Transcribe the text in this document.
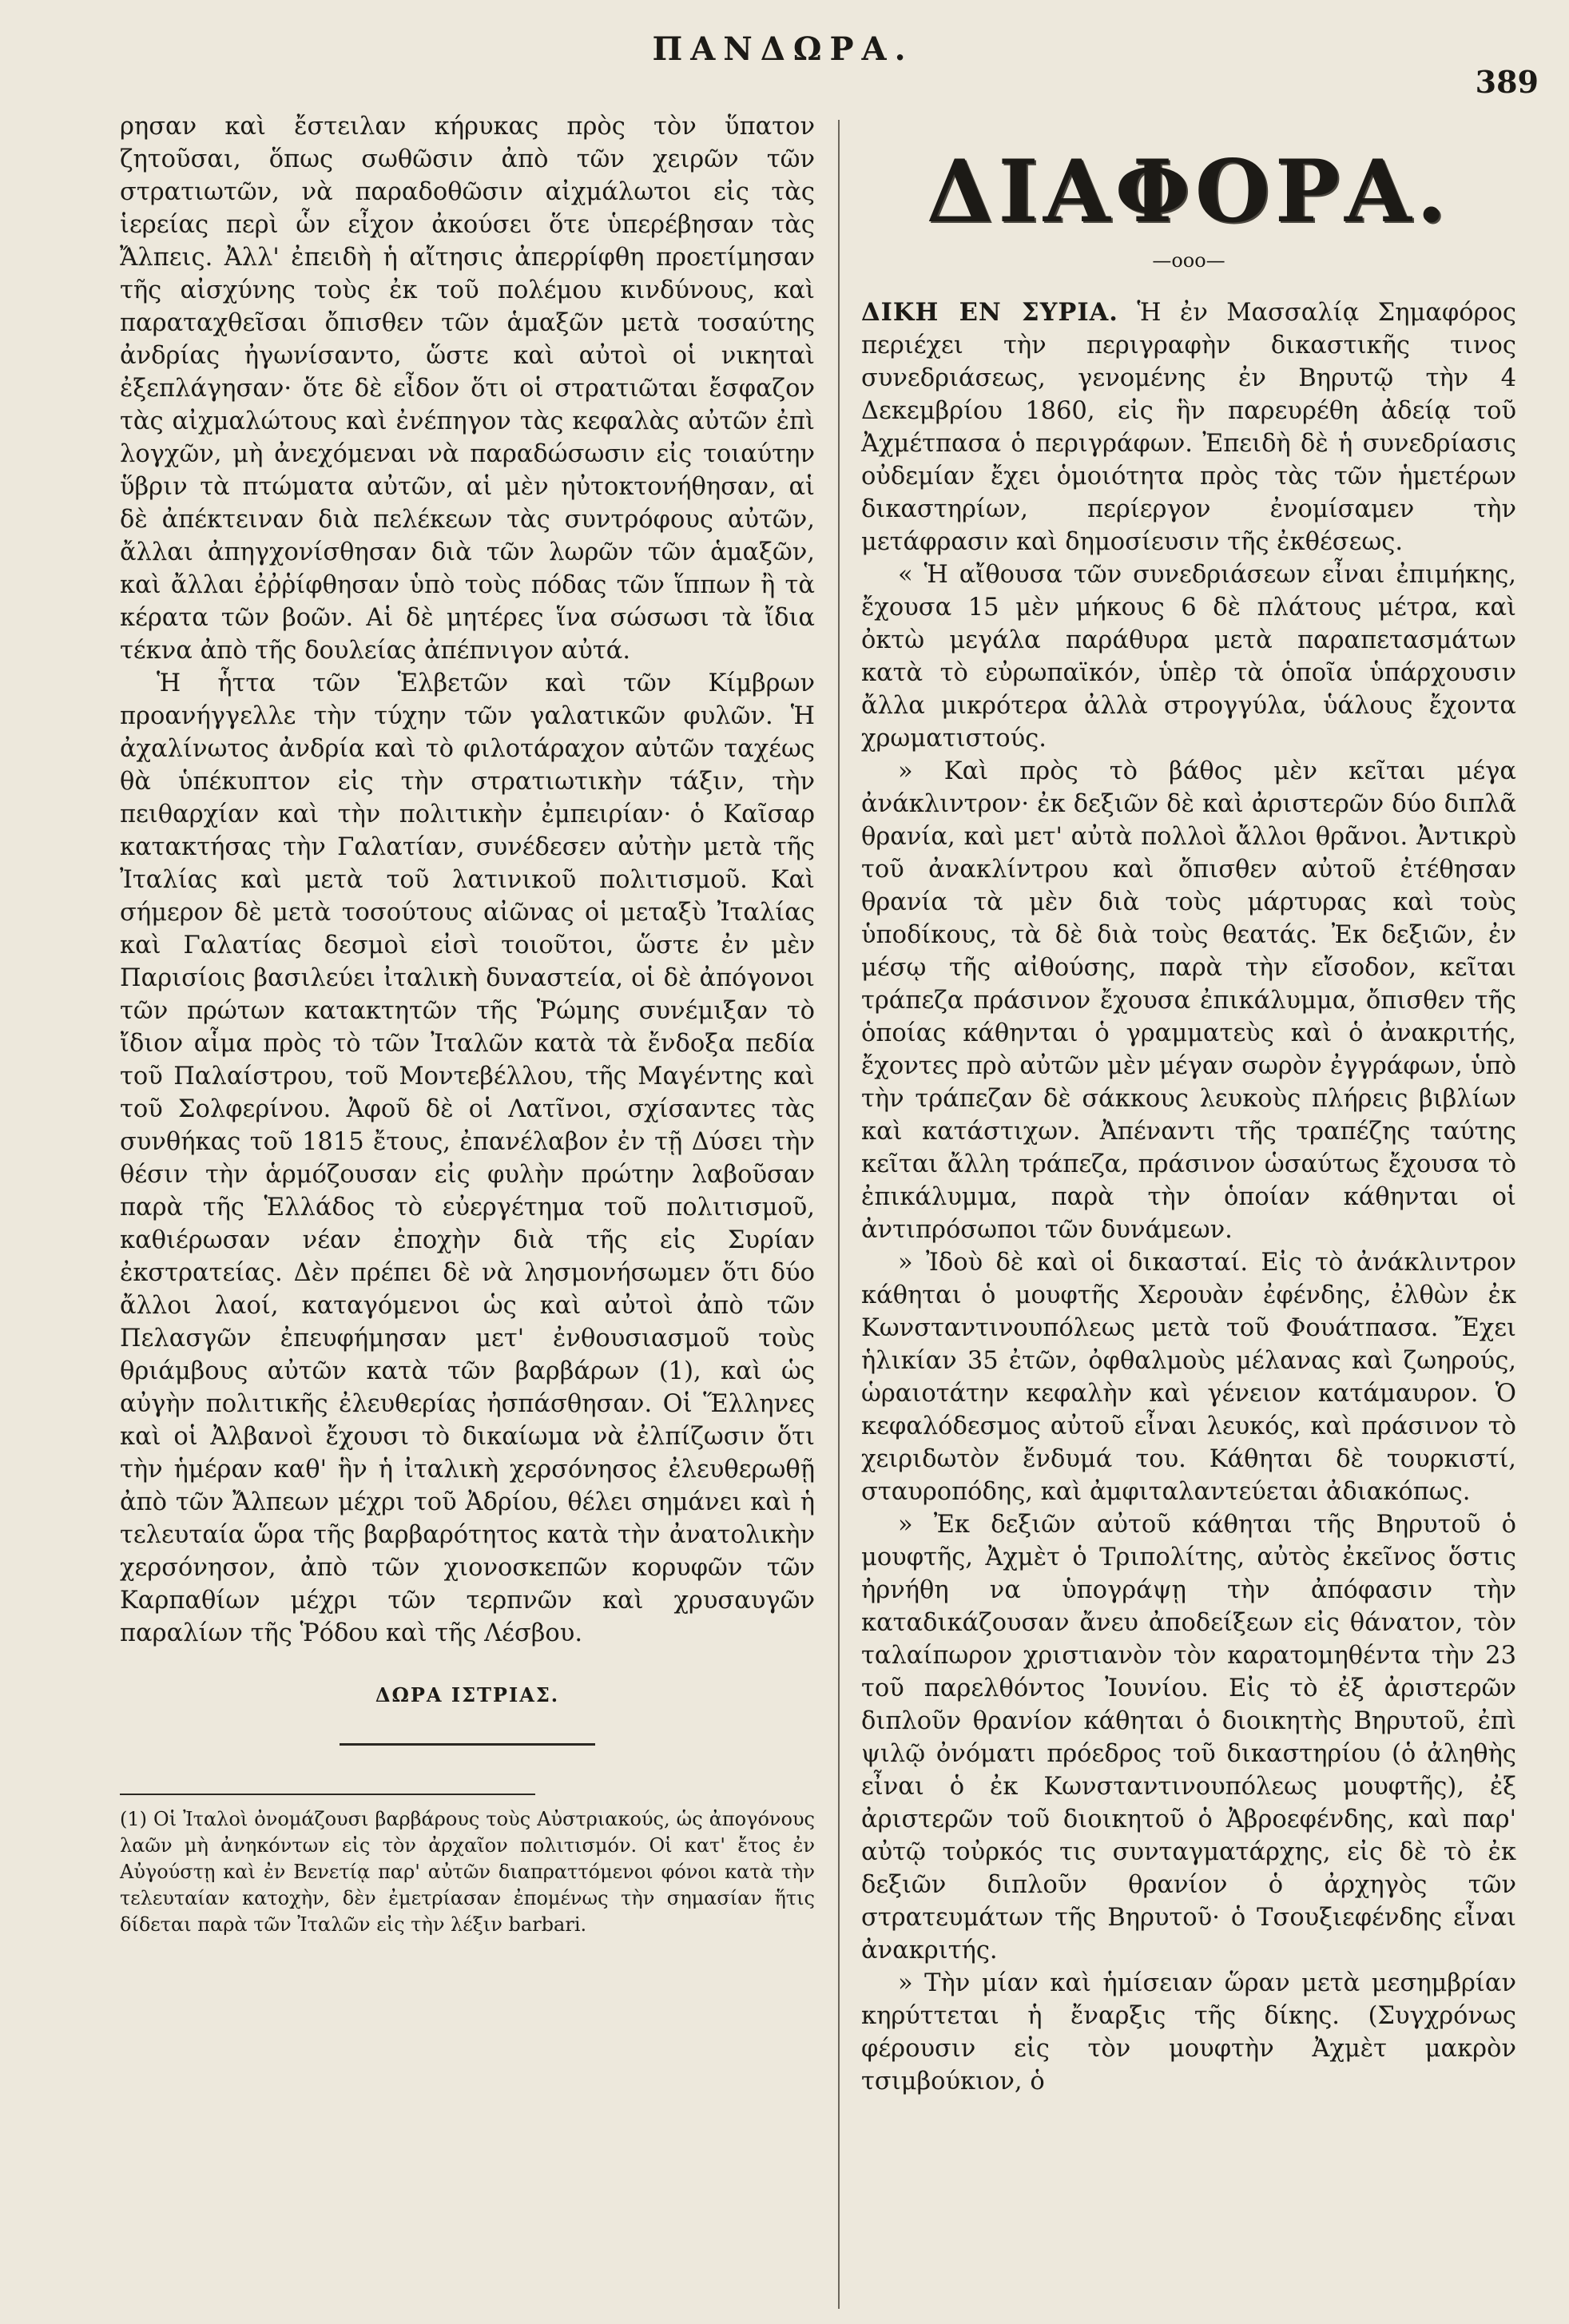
ΠΑΝΔΩΡΑ.
389

ρησαν καὶ ἔστειλαν κήρυκας πρὸς τὸν ὕπατον ζητοῦσαι, ὅπως σωθῶσιν ἀπὸ τῶν χειρῶν τῶν στρατιωτῶν, νὰ παραδοθῶσιν αἰχμάλωτοι εἰς τὰς ἱερείας περὶ ὧν εἶχον ἀκούσει ὅτε ὑπερέβησαν τὰς Ἄλπεις. Ἀλλ' ἐπειδὴ ἡ αἴτησις ἀπερρίφθη προετίμησαν τῆς αἰσχύνης τοὺς ἐκ τοῦ πολέμου κινδύνους, καὶ παραταχθεῖσαι ὄπισθεν τῶν ἁμαξῶν μετὰ τοσαύτης ἀνδρίας ἠγωνίσαντο, ὥστε καὶ αὐτοὶ οἱ νικηταὶ ἐξεπλάγησαν· ὅτε δὲ εἶδον ὅτι οἱ στρατιῶται ἔσφαζον τὰς αἰχμαλώτους καὶ ἐνέπηγον τὰς κεφαλὰς αὐτῶν ἐπὶ λογχῶν, μὴ ἀνεχόμεναι νὰ παραδώσωσιν εἰς τοιαύτην ὕβριν τὰ πτώματα αὐτῶν, αἱ μὲν ηὐτοκτονήθησαν, αἱ δὲ ἀπέκτειναν διὰ πελέκεων τὰς συντρόφους αὐτῶν, ἄλλαι ἀπηγχονίσθησαν διὰ τῶν λωρῶν τῶν ἁμαξῶν, καὶ ἄλλαι ἐῤῥίφθησαν ὑπὸ τοὺς πόδας τῶν ἵππων ἢ τὰ κέρατα τῶν βοῶν. Αἱ δὲ μητέρες ἵνα σώσωσι τὰ ἴδια τέκνα ἀπὸ τῆς δουλείας ἀπέπνιγον αὐτά.

Ἡ ἧττα τῶν Ἑλβετῶν καὶ τῶν Κίμβρων προανήγγελλε τὴν τύχην τῶν γαλατικῶν φυλῶν. Ἡ ἀχαλίνωτος ἀνδρία καὶ τὸ φιλοτάραχον αὐτῶν ταχέως θὰ ὑπέκυπτον εἰς τὴν στρατιωτικὴν τάξιν, τὴν πειθαρχίαν καὶ τὴν πολιτικὴν ἐμπειρίαν· ὁ Καῖσαρ κατακτήσας τὴν Γαλατίαν, συνέδεσεν αὐτὴν μετὰ τῆς Ἰταλίας καὶ μετὰ τοῦ λατινικοῦ πολιτισμοῦ. Καὶ σήμερον δὲ μετὰ τοσούτους αἰῶνας οἱ μεταξὺ Ἰταλίας καὶ Γαλατίας δεσμοὶ εἰσὶ τοιοῦτοι, ὥστε ἐν μὲν Παρισίοις βασιλεύει ἰταλικὴ δυναστεία, οἱ δὲ ἀπόγονοι τῶν πρώτων κατακτητῶν τῆς Ῥώμης συνέμιξαν τὸ ἴδιον αἷμα πρὸς τὸ τῶν Ἰταλῶν κατὰ τὰ ἔνδοξα πεδία τοῦ Παλαίστρου, τοῦ Μοντεβέλλου, τῆς Μαγέντης καὶ τοῦ Σολφερίνου. Ἀφοῦ δὲ οἱ Λατῖνοι, σχίσαντες τὰς συνθήκας τοῦ 1815 ἔτους, ἐπανέλαβον ἐν τῇ Δύσει τὴν θέσιν τὴν ἁρμόζουσαν εἰς φυλὴν πρώτην λαβοῦσαν παρὰ τῆς Ἑλλάδος τὸ εὐεργέτημα τοῦ πολιτισμοῦ, καθιέρωσαν νέαν ἐποχὴν διὰ τῆς εἰς Συρίαν ἐκστρατείας. Δὲν πρέπει δὲ νὰ λησμονήσωμεν ὅτι δύο ἄλλοι λαοί, καταγόμενοι ὡς καὶ αὐτοὶ ἀπὸ τῶν Πελασγῶν ἐπευφήμησαν μετ' ἐνθουσιασμοῦ τοὺς θριάμβους αὐτῶν κατὰ τῶν βαρβάρων (1), καὶ ὡς αὐγὴν πολιτικῆς ἐλευθερίας ἠσπάσθησαν. Οἱ Ἕλληνες καὶ οἱ Ἀλβανοὶ ἔχουσι τὸ δικαίωμα νὰ ἐλπίζωσιν ὅτι τὴν ἡμέραν καθ' ἣν ἡ ἰταλικὴ χερσόνησος ἐλευθερωθῇ ἀπὸ τῶν Ἄλπεων μέχρι τοῦ Ἀδρίου, θέλει σημάνει καὶ ἡ τελευταία ὥρα τῆς βαρβαρότητος κατὰ τὴν ἀνατολικὴν χερσόνησον, ἀπὸ τῶν χιονοσκεπῶν κορυφῶν τῶν Καρπαθίων μέχρι τῶν τερπνῶν καὶ χρυσαυγῶν παραλίων τῆς Ῥόδου καὶ τῆς Λέσβου.

ΔΩΡΑ ΙΣΤΡΙΑΣ.
(1) Οἱ Ἰταλοὶ ὀνομάζουσι βαρβάρους τοὺς Αὐστριακούς, ὡς ἀπογόνους λαῶν μὴ ἀνηκόντων εἰς τὸν ἀρχαῖον πολιτισμόν. Οἱ κατ' ἔτος ἐν Αὐγούστῃ καὶ ἐν Βενετίᾳ παρ' αὐτῶν διαπραττόμενοι φόνοι κατὰ τὴν τελευταίαν κατοχὴν, δὲν ἐμετρίασαν ἐπομένως τὴν σημασίαν ἥτις δίδεται παρὰ τῶν Ἰταλῶν εἰς τὴν λέξιν barbari.
ΔΙΑΦΟΡΑ.
—οοο—

ΔΙΚΗ ΕΝ ΣΥΡΙΑ. Ἡ ἐν Μασσαλίᾳ Σημαφόρος περιέχει τὴν περιγραφὴν δικαστικῆς τινος συνεδριάσεως, γενομένης ἐν Βηρυτῷ τὴν 4 Δεκεμβρίου 1860, εἰς ἣν παρευρέθη ἀδείᾳ τοῦ Ἀχμέτπασα ὁ περιγράφων. Ἐπειδὴ δὲ ἡ συνεδρίασις οὐδεμίαν ἔχει ὁμοιότητα πρὸς τὰς τῶν ἡμετέρων δικαστηρίων, περίεργον ἐνομίσαμεν τὴν μετάφρασιν καὶ δημοσίευσιν τῆς ἐκθέσεως.

« Ἡ αἴθουσα τῶν συνεδριάσεων εἶναι ἐπιμήκης, ἔχουσα 15 μὲν μήκους 6 δὲ πλάτους μέτρα, καὶ ὀκτὼ μεγάλα παράθυρα μετὰ παραπετασμάτων κατὰ τὸ εὐρωπαϊκόν, ὑπὲρ τὰ ὁποῖα ὑπάρχουσιν ἄλλα μικρότερα ἀλλὰ στρογγύλα, ὑάλους ἔχοντα χρωματιστούς.

» Καὶ πρὸς τὸ βάθος μὲν κεῖται μέγα ἀνάκλιντρον· ἐκ δεξιῶν δὲ καὶ ἀριστερῶν δύο διπλᾶ θρανία, καὶ μετ' αὐτὰ πολλοὶ ἄλλοι θρᾶνοι. Ἀντικρὺ τοῦ ἀνακλίντρου καὶ ὄπισθεν αὐτοῦ ἐτέθησαν θρανία τὰ μὲν διὰ τοὺς μάρτυρας καὶ τοὺς ὑποδίκους, τὰ δὲ διὰ τοὺς θεατάς. Ἐκ δεξιῶν, ἐν μέσῳ τῆς αἰθούσης, παρὰ τὴν εἴσοδον, κεῖται τράπεζα πράσινον ἔχουσα ἐπικάλυμμα, ὄπισθεν τῆς ὁποίας κάθηνται ὁ γραμματεὺς καὶ ὁ ἀνακριτής, ἔχοντες πρὸ αὐτῶν μὲν μέγαν σωρὸν ἐγγράφων, ὑπὸ τὴν τράπεζαν δὲ σάκκους λευκοὺς πλήρεις βιβλίων καὶ κατάστιχων. Ἀπέναντι τῆς τραπέζης ταύτης κεῖται ἄλλη τράπεζα, πράσινον ὡσαύτως ἔχουσα τὸ ἐπικάλυμμα, παρὰ τὴν ὁποίαν κάθηνται οἱ ἀντιπρόσωποι τῶν δυνάμεων.

» Ἰδοὺ δὲ καὶ οἱ δικασταί. Εἰς τὸ ἀνάκλιντρον κάθηται ὁ μουφτῆς Χερουὰν ἐφένδης, ἐλθὼν ἐκ Κωνσταντινουπόλεως μετὰ τοῦ Φουάτπασα. Ἔχει ἡλικίαν 35 ἐτῶν, ὀφθαλμοὺς μέλανας καὶ ζωηρούς, ὡραιοτάτην κεφαλὴν καὶ γένειον κατάμαυρον. Ὁ κεφαλόδεσμος αὐτοῦ εἶναι λευκός, καὶ πράσινον τὸ χειριδωτὸν ἔνδυμά του. Κάθηται δὲ τουρκιστί, σταυροπόδης, καὶ ἀμφιταλαντεύεται ἀδιακόπως.

» Ἐκ δεξιῶν αὐτοῦ κάθηται τῆς Βηρυτοῦ ὁ μουφτῆς, Ἀχμὲτ ὁ Τριπολίτης, αὐτὸς ἐκεῖνος ὅστις ἠρνήθη να ὑπογράψῃ τὴν ἀπόφασιν τὴν καταδικάζουσαν ἄνευ ἀποδείξεων εἰς θάνατον, τὸν ταλαίπωρον χριστιανὸν τὸν καρατομηθέντα τὴν 23 τοῦ παρελθόντος Ἰουνίου. Εἰς τὸ ἐξ ἀριστερῶν διπλοῦν θρανίον κάθηται ὁ διοικητὴς Βηρυτοῦ, ἐπὶ ψιλῷ ὀνόματι πρόεδρος τοῦ δικαστηρίου (ὁ ἀληθὴς εἶναι ὁ ἐκ Κωνσταντινουπόλεως μουφτῆς), ἐξ ἀριστερῶν τοῦ διοικητοῦ ὁ Ἀβροεφένδης, καὶ παρ' αὐτῷ τοὐρκός τις συνταγματάρχης, εἰς δὲ τὸ ἐκ δεξιῶν διπλοῦν θρανίον ὁ ἀρχηγὸς τῶν στρατευμάτων τῆς Βηρυτοῦ· ὁ Τσουξιεφένδης εἶναι ἀνακριτής.

» Τὴν μίαν καὶ ἡμίσειαν ὥραν μετὰ μεσημβρίαν κηρύττεται ἡ ἔναρξις τῆς δίκης. (Συγχρόνως φέρουσιν εἰς τὸν μουφτὴν Ἀχμὲτ μακρὸν τσιμβούκιον, ὁ
